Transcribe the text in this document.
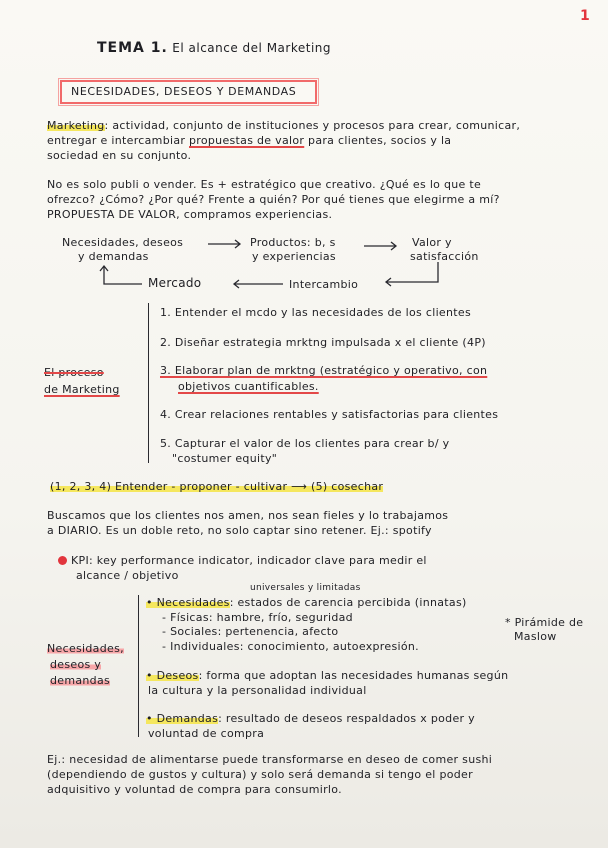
1
TEMA 1. El alcance del Marketing
NECESIDADES, DESEOS Y DEMANDAS
Marketing: actividad, conjunto de instituciones y procesos para crear, comunicar,
entregar e intercambiar propuestas de valor para clientes, socios y la
sociedad en su conjunto.
No es solo publi o vender. Es + estratégico que creativo. ¿Qué es lo que te
ofrezco? ¿Cómo? ¿Por qué? Frente a quién? Por qué tienes que elegirme a mí?
PROPUESTA DE VALOR, compramos experiencias.
Necesidades, deseos
y demandas
Productos: b, s
y experiencias
Valor y
satisfacción
Mercado	Intercambio
El proceso
de Marketing
1. Entender el mcdo y las necesidades de los clientes
2. Diseñar estrategia mrktng impulsada x el cliente (4P)
3. Elaborar plan de mrktng (estratégico y operativo, con
objetivos cuantificables.
4. Crear relaciones rentables y satisfactorias para clientes
5. Capturar el valor de los clientes para crear b/ y
"costumer equity"
(1, 2, 3, 4) Entender - proponer - cultivar ⟶ (5) cosechar
Buscamos que los clientes nos amen, nos sean fieles y lo trabajamos
a DIARIO. Es un doble reto, no solo captar sino retener. Ej.: spotify
KPI: key performance indicator, indicador clave para medir el
alcance / objetivo
Necesidades,
deseos y
demandas
universales y limitadas
• Necesidades: estados de carencia percibida (innatas)
- Físicas: hambre, frío, seguridad
- Sociales: pertenencia, afecto
- Individuales: conocimiento, autoexpresión.
* Pirámide de
Maslow
• Deseos: forma que adoptan las necesidades humanas según
la cultura y la personalidad individual
• Demandas: resultado de deseos respaldados x poder y
voluntad de compra
Ej.: necesidad de alimentarse puede transformarse en deseo de comer sushi
(dependiendo de gustos y cultura) y solo será demanda si tengo el poder
adquisitivo y voluntad de compra para consumirlo.
